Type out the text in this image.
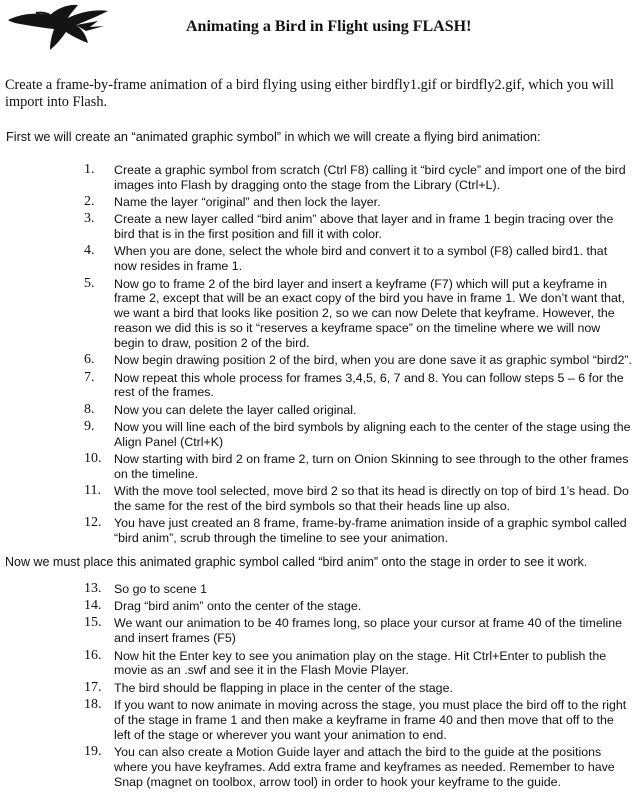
Animating a Bird in Flight using FLASH!

Create a frame-by-frame animation of a bird flying using either birdfly1.gif or birdfly2.gif, which you will import into Flash.

First we will create an “animated graphic symbol” in which we will create a flying bird animation:

1.	Create a graphic symbol from scratch (Ctrl F8) calling it “bird cycle” and import one of the bird images into Flash by dragging onto the stage from the Library (Ctrl+L).
2.	Name the layer “original” and then lock the layer.
3.	Create a new layer called “bird anim” above that layer and in frame 1 begin tracing over the bird that is in the first position and fill it with color.
4.	When you are done, select the whole bird and convert it to a symbol (F8) called bird1. that now resides in frame 1.
5.	Now go to frame 2 of the bird layer and insert a keyframe (F7) which will put a keyframe in frame 2, except that will be an exact copy of the bird you have in frame 1. We don’t want that, we want a bird that looks like position 2, so we can now Delete that keyframe. However, the reason we did this is so it “reserves a keyframe space” on the timeline where we will now begin to draw, position 2 of the bird.
6.	Now begin drawing position 2 of the bird, when you are done save it as graphic symbol “bird2”.
7.	Now repeat this whole process for frames 3,4,5, 6, 7 and 8. You can follow steps 5 – 6 for the rest of the frames.
8.	Now you can delete the layer called original.
9.	Now you will line each of the bird symbols by aligning each to the center of the stage using the Align Panel (Ctrl+K)
10.	Now starting with bird 2 on frame 2, turn on Onion Skinning to see through to the other frames on the timeline.
11.	With the move tool selected, move bird 2 so that its head is directly on top of bird 1’s head. Do the same for the rest of the bird symbols so that their heads line up also.
12.	You have just created an 8 frame, frame-by-frame animation inside of a graphic symbol called “bird anim”, scrub through the timeline to see your animation.

Now we must place this animated graphic symbol called “bird anim” onto the stage in order to see it work.

13.	So go to scene 1
14.	Drag “bird anim” onto the center of the stage.
15.	We want our animation to be 40 frames long, so place your cursor at frame 40 of the timeline and insert frames (F5)
16.	Now hit the Enter key to see you animation play on the stage. Hit Ctrl+Enter to publish the movie as an .swf and see it in the Flash Movie Player.
17.	The bird should be flapping in place in the center of the stage.
18.	If you want to now animate in moving across the stage, you must place the bird off to the right of the stage in frame 1 and then make a keyframe in frame 40 and then move that off to the left of the stage or wherever you want your animation to end.
19.	You can also create a Motion Guide layer and attach the bird to the guide at the positions where you have keyframes. Add extra frame and keyframes as needed. Remember to have Snap (magnet on toolbox, arrow tool) in order to hook your keyframe to the guide.
